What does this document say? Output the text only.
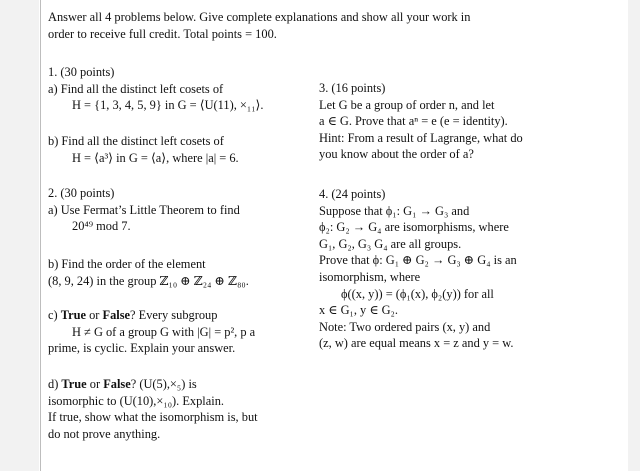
Answer all 4 problems below. Give complete explanations and show all your work in
order to receive full credit. Total points = 100.
1. (30 points)
a) Find all the distinct left cosets of
H = {1, 3, 4, 5, 9} in G = ⟨U(11), ×₁₁⟩.
b) Find all the distinct left cosets of
H = ⟨a³⟩ in G = ⟨a⟩, where |a| = 6.
2. (30 points)
a) Use Fermat’s Little Theorem to find
20⁴⁹ mod 7.
b) Find the order of the element
(8, 9, 24) in the group ℤ₁₀ ⊕ ℤ₂₄ ⊕ ℤ₈₀.
c) True or False? Every subgroup
H ≠ G of a group G with |G| = p², p a
prime, is cyclic. Explain your answer.
d) True or False? (U(5),×₅) is
isomorphic to (U(10),×₁₀). Explain.
If true, show what the isomorphism is, but
do not prove anything.
3. (16 points)
Let G be a group of order n, and let
a ∈ G. Prove that aⁿ = e (e = identity).
Hint: From a result of Lagrange, what do
you know about the order of a?
4. (24 points)
Suppose that ϕ₁: G₁ → G₃ and
ϕ₂: G₂ → G₄ are isomorphisms, where
G₁, G₂, G₃ G₄ are all groups.
Prove that ϕ: G₁ ⊕ G₂ → G₃ ⊕ G₄ is an
isomorphism, where
ϕ((x, y)) = (ϕ₁(x), ϕ₂(y)) for all
x ∈ G₁, y ∈ G₂.
Note: Two ordered pairs (x, y) and
(z, w) are equal means x = z and y = w.
